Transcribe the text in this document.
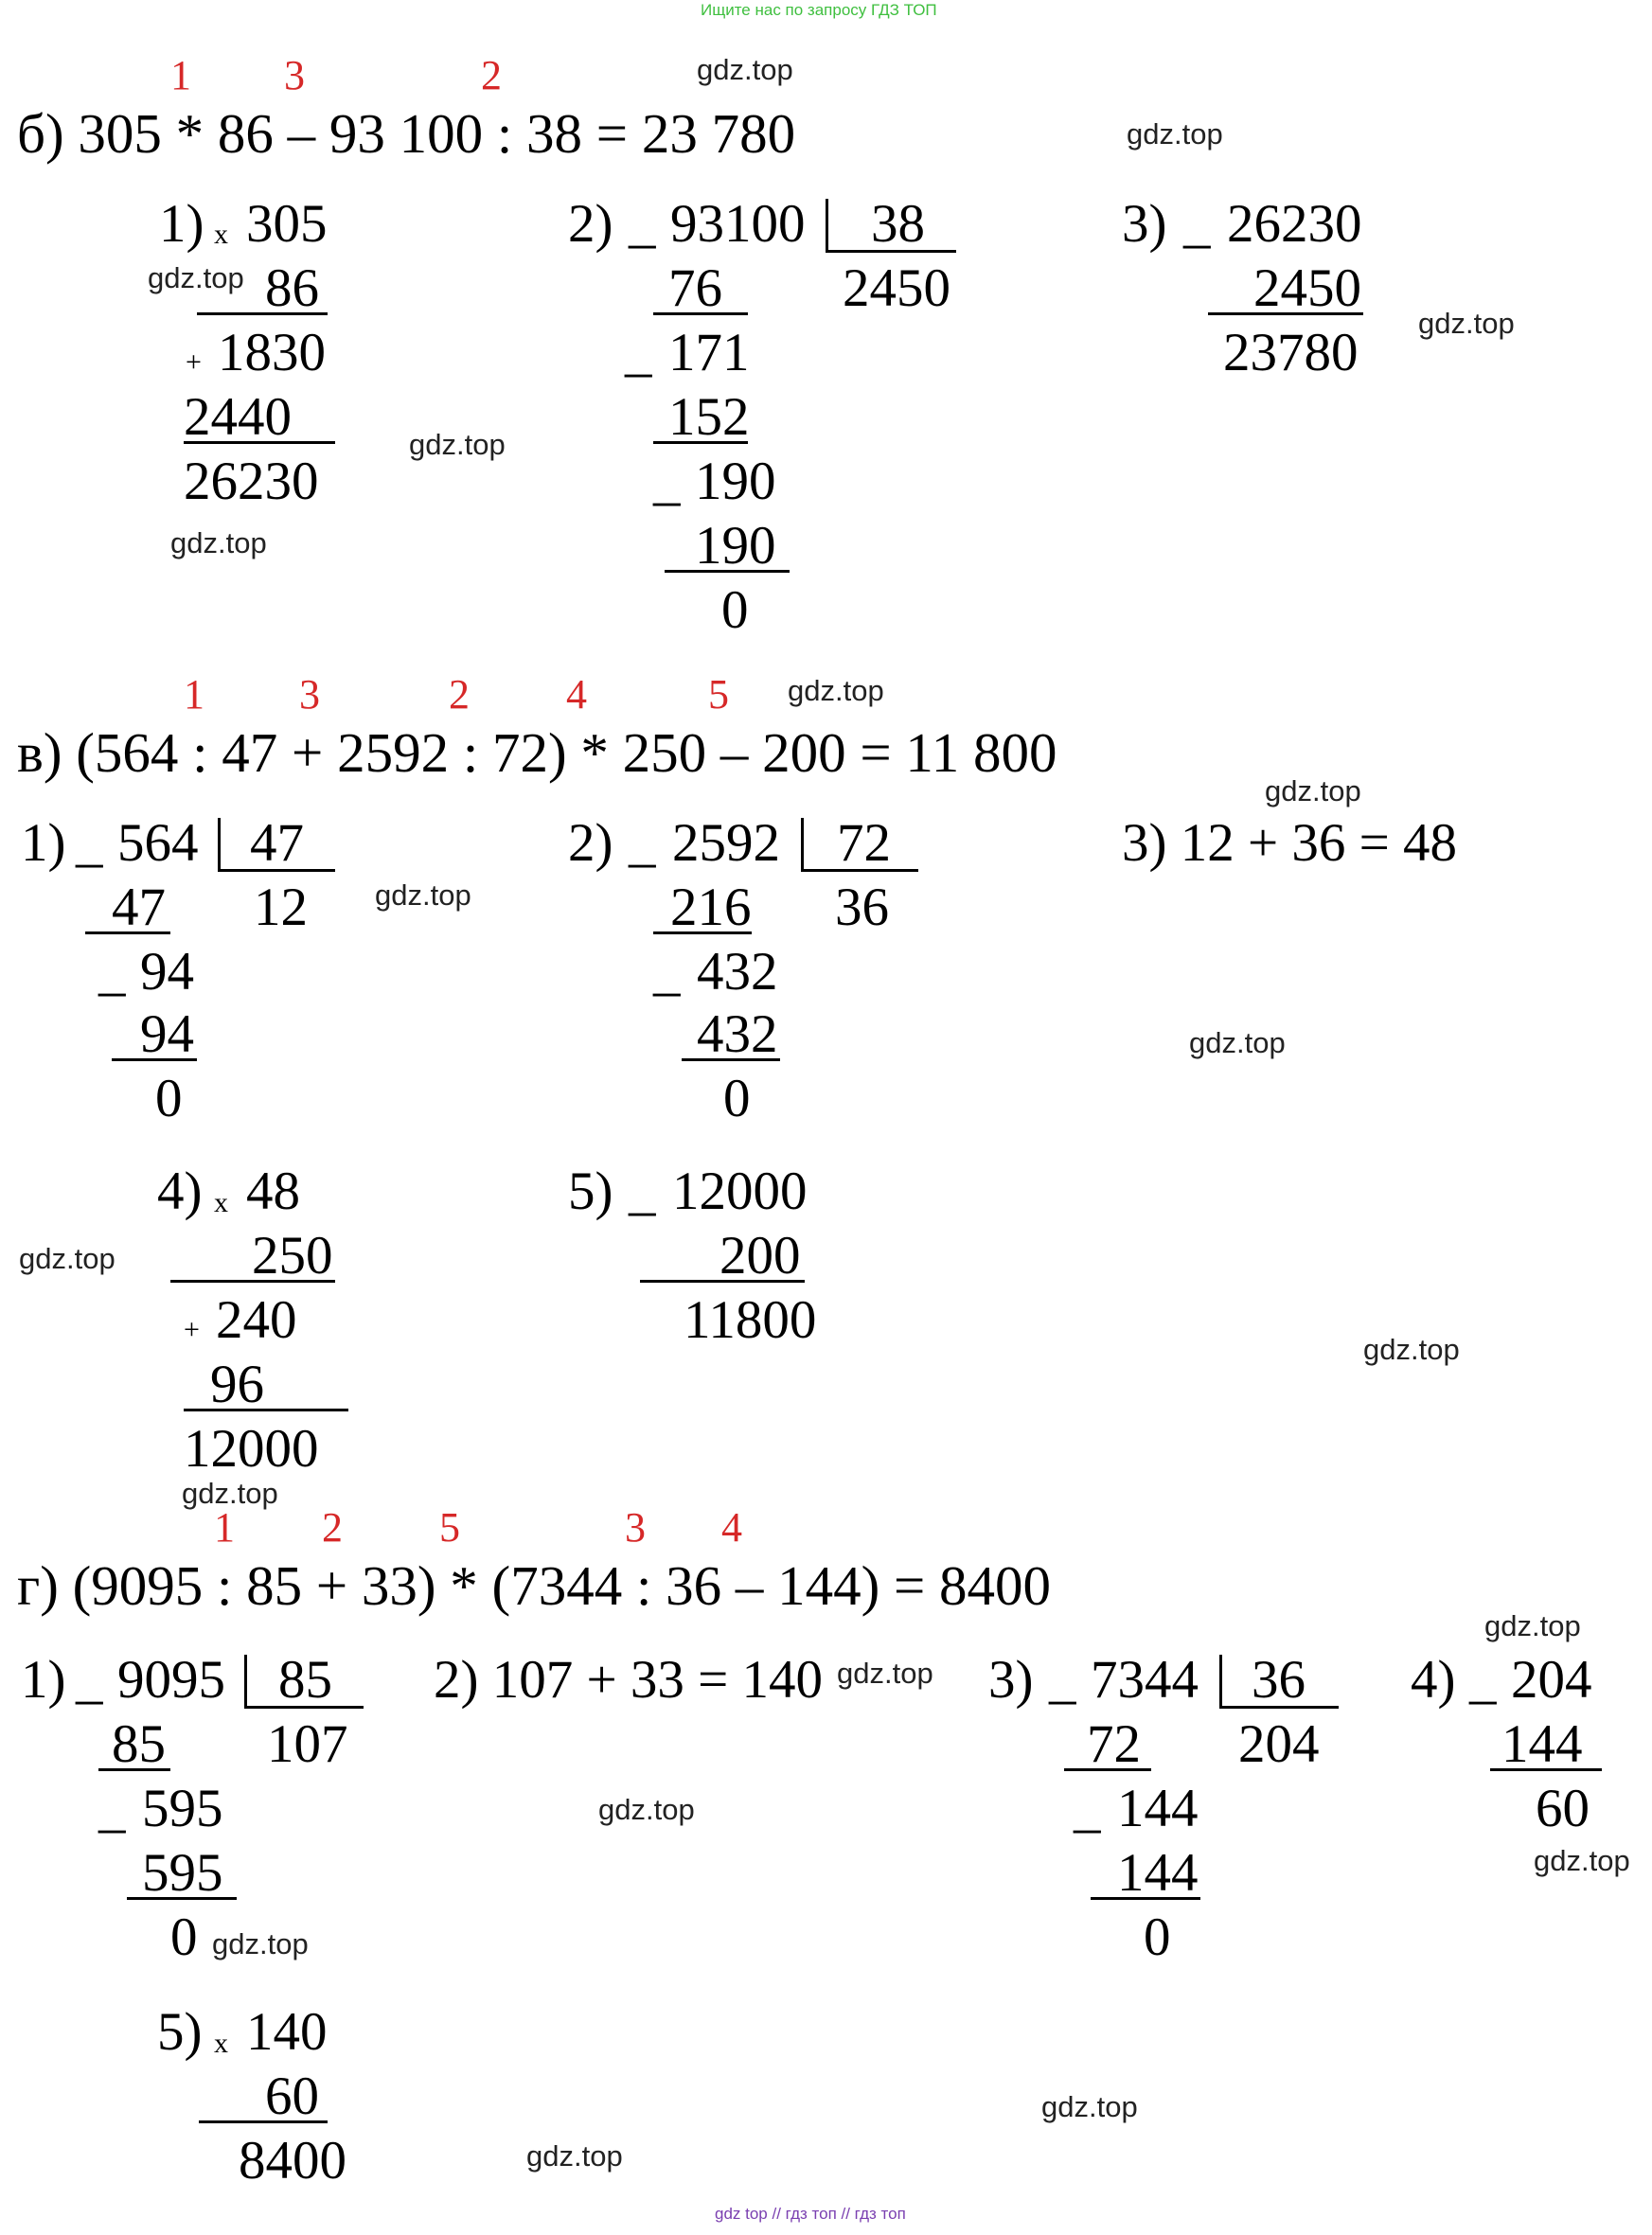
Ищите нас по запросу ГДЗ ТОП
gdz top // гдз топ // гдз топ
1 3	2
б) 305 * 86 – 93 100 : 38 = 23 780
1) x 305
86
+ 1830
2440
26230
2) _ 93100 38
2450
76
_ 171
152
_ 190
190
0
3) _ 26230
2450
23780
1 3	2 4	5
в) (564 : 47 + 2592 : 72) * 250 – 200 = 11 800
1) _ 564 47
12
47
_ 94
94
0
2) _ 2592 72
36
216
_ 432
432
0
3) 12 + 36 = 48
4) x 48
250
+ 240
96
12000
5) _ 12000
200
11800
1 2 5	3 4
г) (9095 : 85 + 33) * (7344 : 36 – 144) = 8400
1) _ 9095 85
107
85
_ 595
595
0
2) 107 + 33 = 140	3) _ 7344 36
204
72
_ 144
144
0
4) _ 204
144
60
5) x 140
60
8400
gdz.top
gdz.top
gdz.top
gdz.top
gdz.top
gdz.top
gdz.top
gdz.top
gdz.top
gdz.top
gdz.top
gdz.top
gdz.top
gdz.top
gdz.top
gdz.top
gdz.top
gdz.top
gdz.top
gdz.top
